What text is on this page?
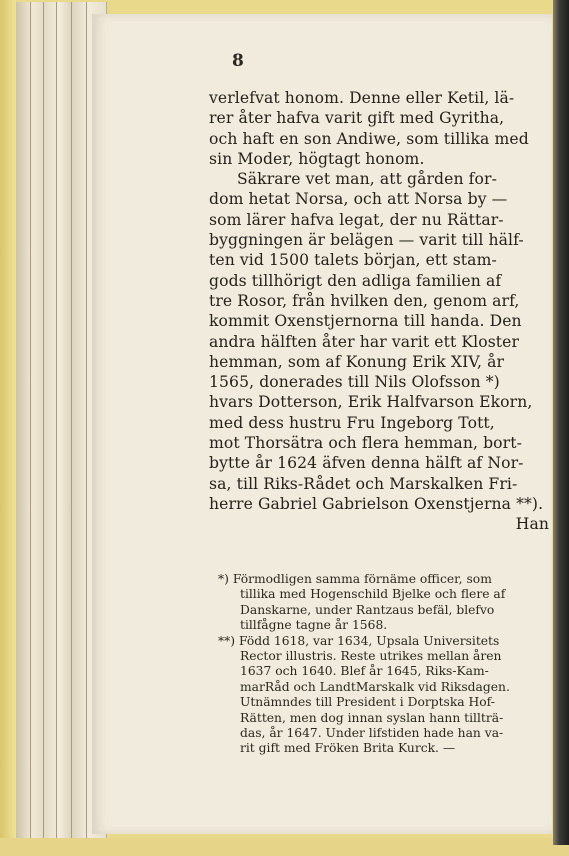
8
verlefvat honom. Denne eller Ketil, lä-
rer åter hafva varit gift med Gyritha,
och haft en son Andiwe, som tillika med
sin Moder, högtagt honom.
Säkrare vet man, att gården for-
dom hetat Norsa, och att Norsa by —
som lärer hafva legat, der nu Rättar-
byggningen är belägen — varit till hälf-
ten vid 1500 talets början, ett stam-
gods tillhörigt den adliga familien af
tre Rosor, från hvilken den, genom arf,
kommit Oxenstjernorna till handa. Den
andra hälften åter har varit ett Kloster
hemman, som af Konung Erik XIV, år
1565, donerades till Nils Olofsson *)
hvars Dotterson, Erik Halfvarson Ekorn,
med dess hustru Fru Ingeborg Tott,
mot Thorsätra och flera hemman, bort-
bytte år 1624 äfven denna hälft af Nor-
sa, till Riks-Rådet och Marskalken Fri-
herre Gabriel Gabrielson Oxenstjerna **).
Han
*) Förmodligen samma förnäme officer, som
tillika med Hogenschild Bjelke och flere af
Danskarne, under Rantzaus befäl, blefvo
tillfågne tagne år 1568.
**) Född 1618, var 1634, Upsala Universitets
Rector illustris. Reste utrikes mellan åren
1637 och 1640. Blef år 1645, Riks-Kam-
marRåd och LandtMarskalk vid Riksdagen.
Utnämndes till President i Dorptska Hof-
Rätten, men dog innan syslan hann tillträ-
das, år 1647. Under lifstiden hade han va-
rit gift med Fröken Brita Kurck. —
